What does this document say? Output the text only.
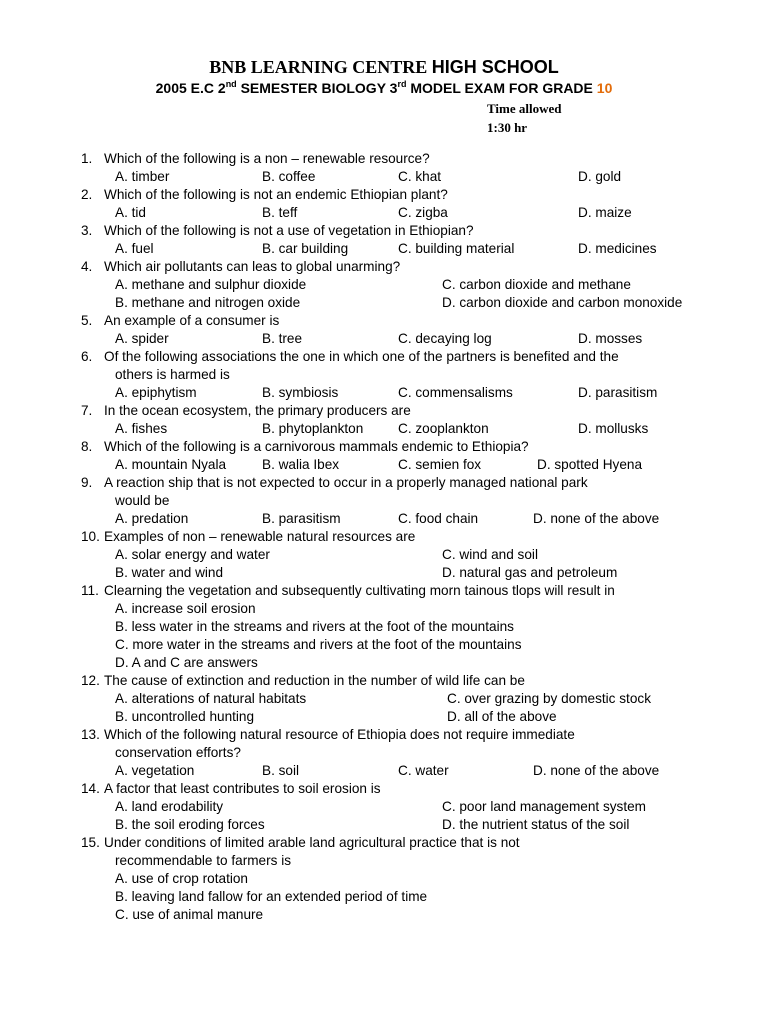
BNB LEARNING CENTRE HIGH SCHOOL
2005 E.C 2nd SEMESTER BIOLOGY 3rd MODEL EXAM FOR GRADE 10
Time allowed
1:30 hr
1. Which of the following is a non – renewable resource?
A. timber	B. coffee	C. khat	D. gold
2. Which of the following is not an endemic Ethiopian plant?
A. tid	B. teff	C. zigba	D. maize
3. Which of the following is not a use of vegetation in Ethiopian?
A. fuel	B. car building	C. building material	D. medicines
4. Which air pollutants can leas to global unarming?
A. methane and sulphur dioxide	C. carbon dioxide and methane
B. methane and nitrogen oxide	D. carbon dioxide and carbon monoxide
5. An example of a consumer is
A. spider	B. tree	C. decaying log	D. mosses
6. Of the following associations the one in which one of the partners is benefited and the
others is harmed is
A. epiphytism	B. symbiosis	C. commensalisms	D. parasitism
7. In the ocean ecosystem, the primary producers are
A. fishes	B. phytoplankton	C. zooplankton	D. mollusks
8. Which of the following is a carnivorous mammals endemic to Ethiopia?
A. mountain Nyala	B. walia Ibex	C. semien fox	D. spotted Hyena
9. A reaction ship that is not expected to occur in a properly managed national park
would be
A. predation	B. parasitism	C. food chain	D. none of the above
10. Examples of non – renewable natural resources are
A. solar energy and water	C. wind and soil
B. water and wind	D. natural gas and petroleum
11. Clearning the vegetation and subsequently cultivating morn tainous tlops will result in
A. increase soil erosion
B. less water in the streams and rivers at the foot of the mountains
C. more water in the streams and rivers at the foot of the mountains
D. A and C are answers
12. The cause of extinction and reduction in the number of wild life can be
A. alterations of natural habitats	C. over grazing by domestic stock
B. uncontrolled hunting	D. all of the above
13. Which of the following natural resource of Ethiopia does not require immediate
conservation efforts?
A. vegetation	B. soil	C. water	D. none of the above
14. A factor that least contributes to soil erosion is
A. land erodability	C. poor land management system
B. the soil eroding forces	D. the nutrient status of the soil
15. Under conditions of limited arable land agricultural practice that is not
recommendable to farmers is
A. use of crop rotation
B. leaving land fallow for an extended period of time
C. use of animal manure
